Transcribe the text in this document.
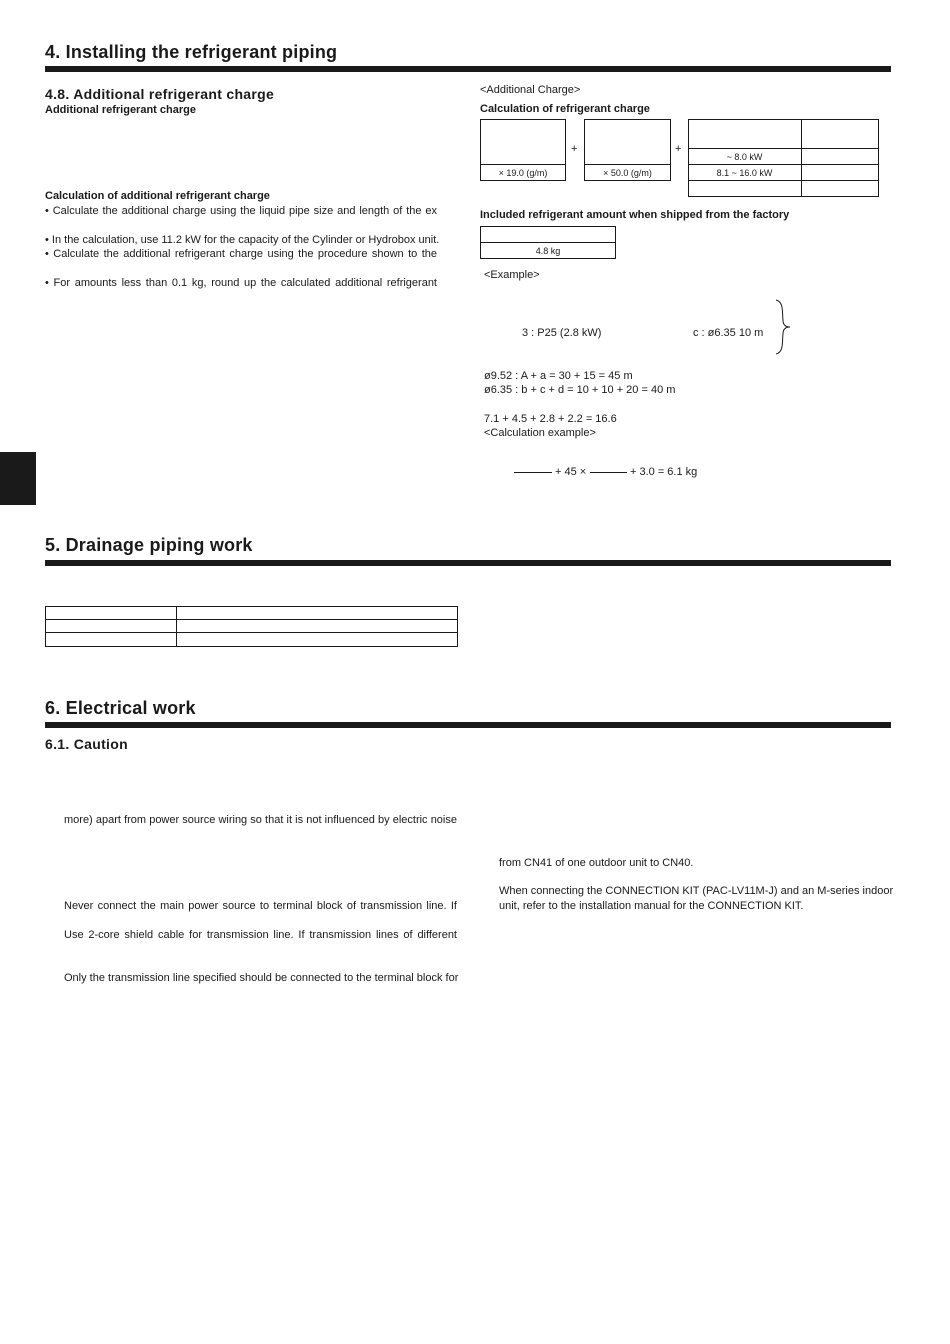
4. Installing the refrigerant piping
4.8. Additional refrigerant charge
Additional refrigerant charge
Calculation of additional refrigerant charge
• Calculate the additional charge using the liquid pipe size and length of the ex
• In the calculation, use 11.2 kW for the capacity of the Cylinder or Hydrobox unit.
• Calculate the additional refrigerant charge using the procedure shown to the
• For amounts less than 0.1 kg, round up the calculated additional refrigerant
<Additional Charge>
Calculation of refrigerant charge
× 19.0 (g/m)
+
× 50.0 (g/m)
+
~ 8.0 kW
8.1 ~ 16.0 kW
Included refrigerant amount when shipped from the factory
4.8 kg
<Example>
3 : P25 (2.8 kW)	c : ø6.35 10 m
ø9.52 : A + a = 30 + 15 = 45 m
ø6.35 : b + c + d = 10 + 10 + 20 = 40 m
7.1 + 4.5 + 2.8 + 2.2 = 16.6
<Calculation example>
+ 45 ×	+ 3.0 = 6.1 kg
5. Drainage piping work
6. Electrical work
6.1. Caution
more) apart from power source wiring so that it is not influenced by electric noise
Never connect the main power source to terminal block of transmission line. If
Use 2-core shield cable for transmission line. If transmission lines of different
Only the transmission line specified should be connected to the terminal block for
from CN41 of one outdoor unit to CN40.
When connecting the CONNECTION KIT (PAC-LV11M-J) and an M-series indoor
unit, refer to the installation manual for the CONNECTION KIT.
